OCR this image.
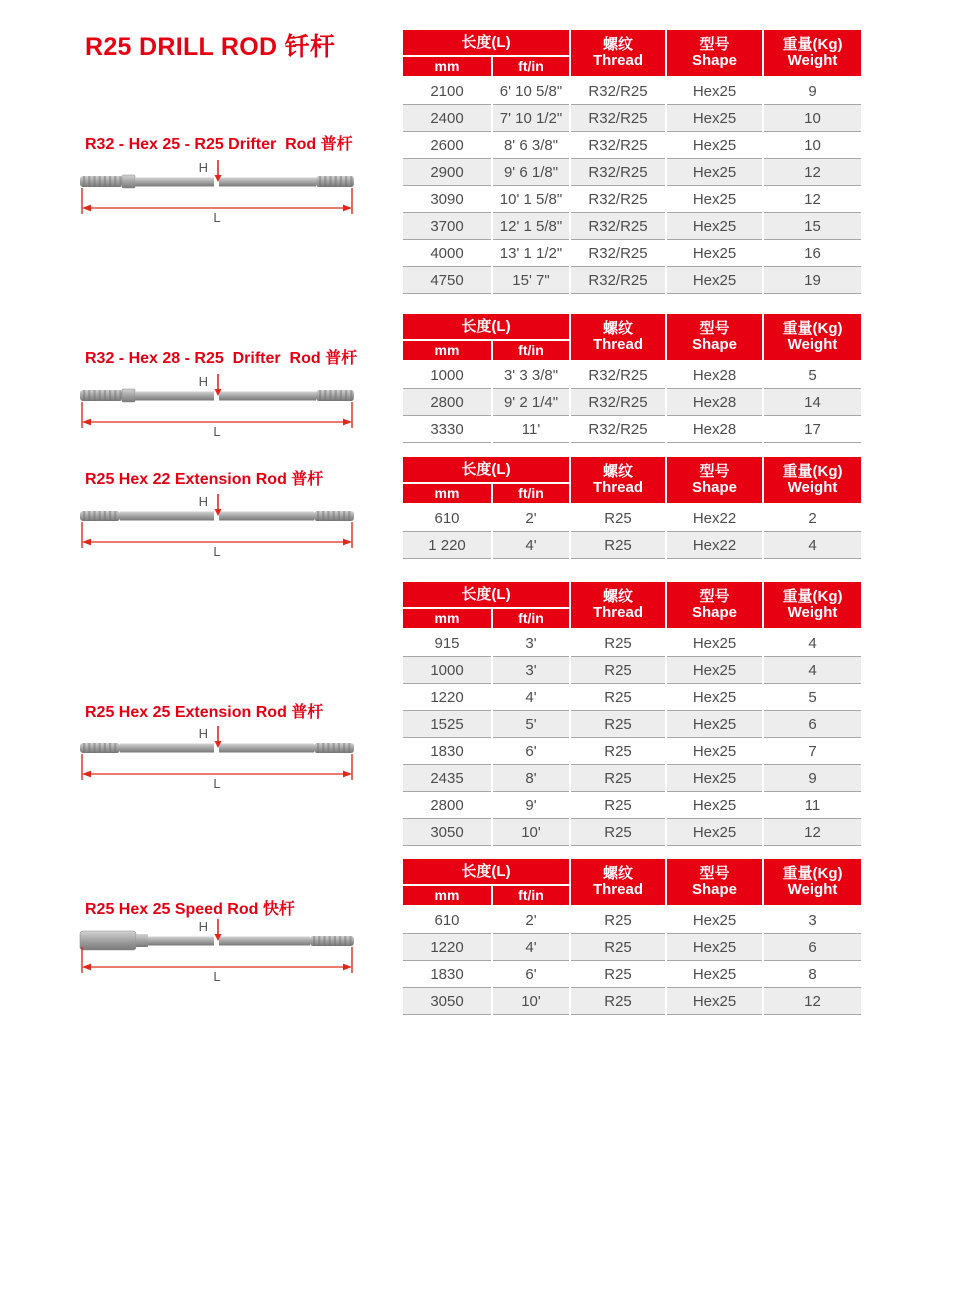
R25 DRILL ROD 钎杆
R32 - Hex 25 - R25 Drifter  Rod 普杆
H
L
R32 - Hex 28 - R25  Drifter  Rod 普杆
H
L
R25 Hex 22 Extension Rod 普杆
H
L
R25 Hex 25 Extension Rod 普杆
H
L
R25 Hex 25 Speed Rod 快杆
H
L
长度(L)
mm	ft/in
螺纹
Thread
型号
Shape
重量(Kg)
Weight
2100	6' 10 5/8"	R32/R25	Hex25	9
2400	7' 10 1/2"	R32/R25	Hex25	10
2600	8' 6 3/8"	R32/R25	Hex25	10
2900	9' 6 1/8"	R32/R25	Hex25	12
3090	10' 1 5/8"	R32/R25	Hex25	12
3700	12' 1 5/8"	R32/R25	Hex25	15
4000	13' 1 1/2"	R32/R25	Hex25	16
4750	15' 7"	R32/R25	Hex25	19
长度(L)
mm	ft/in
螺纹
Thread
型号
Shape
重量(Kg)
Weight
1000	3' 3 3/8"	R32/R25	Hex28	5
2800	9' 2 1/4"	R32/R25	Hex28	14
3330	11'	R32/R25	Hex28	17
长度(L)
mm	ft/in
螺纹
Thread
型号
Shape
重量(Kg)
Weight
610	2'	R25	Hex22	2
1 220	4'	R25	Hex22	4
长度(L)
mm	ft/in
螺纹
Thread
型号
Shape
重量(Kg)
Weight
915	3'	R25	Hex25	4
1000	3'	R25	Hex25	4
1220	4'	R25	Hex25	5
1525	5'	R25	Hex25	6
1830	6'	R25	Hex25	7
2435	8'	R25	Hex25	9
2800	9'	R25	Hex25	11
3050	10'	R25	Hex25	12
长度(L)
mm	ft/in
螺纹
Thread
型号
Shape
重量(Kg)
Weight
610	2'	R25	Hex25	3
1220	4'	R25	Hex25	6
1830	6'	R25	Hex25	8
3050	10'	R25	Hex25	12
